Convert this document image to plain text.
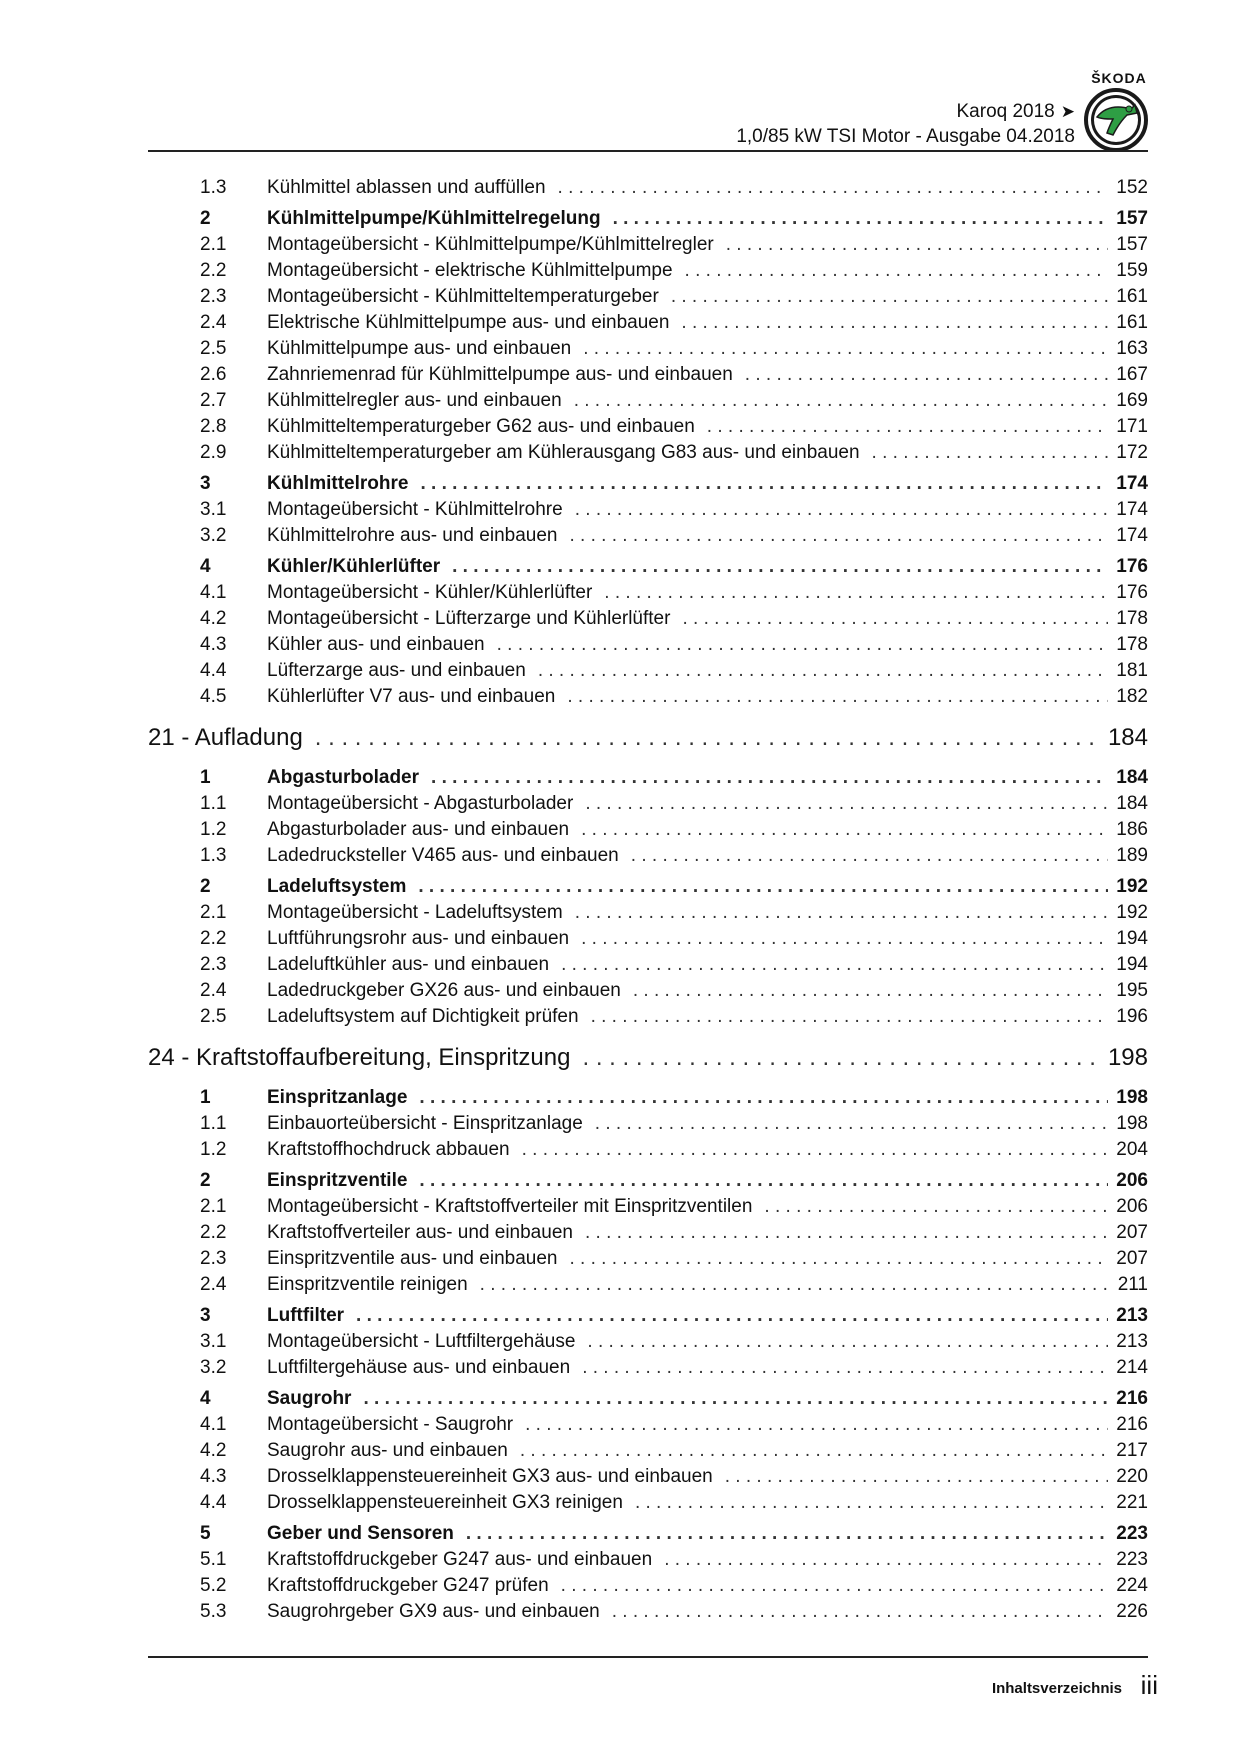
ŠKODA
Karoq 2018 ➤
1,0/85 kW TSI Motor - Ausgabe 04.2018
1.3 Kühlmittel ablassen und auffüllen . . .	152
2	Kühlmittelpumpe/Kühlmittelregelung . . .	157
2.1 Montageübersicht - Kühlmittelpumpe/Kühlmittelregler . . .	157
2.2 Montageübersicht - elektrische Kühlmittelpumpe . . .	159
2.3 Montageübersicht - Kühlmitteltemperaturgeber . . .	161
2.4 Elektrische Kühlmittelpumpe aus- und einbauen . . .	161
2.5 Kühlmittelpumpe aus- und einbauen . . .	163
2.6 Zahnriemenrad für Kühlmittelpumpe aus- und einbauen . . .	167
2.7 Kühlmittelregler aus- und einbauen . . .	169
2.8 Kühlmitteltemperaturgeber G62 aus- und einbauen . . .	171
2.9 Kühlmitteltemperaturgeber am Kühlerausgang G83 aus- und einbauen . . .	172
3	Kühlmittelrohre . . .	174
3.1 Montageübersicht - Kühlmittelrohre . . .	174
3.2 Kühlmittelrohre aus- und einbauen . . .	174
4	Kühler/Kühlerlüfter . . .	176
4.1 Montageübersicht - Kühler/Kühlerlüfter . . .	176
4.2 Montageübersicht - Lüfterzarge und Kühlerlüfter . . .	178
4.3 Kühler aus- und einbauen . . .	178
4.4 Lüfterzarge aus- und einbauen . . .	181
4.5 Kühlerlüfter V7 aus- und einbauen . . .	182
21 - Aufladung . . .	184
1	Abgasturbolader . . .	184
1.1 Montageübersicht - Abgasturbolader . . .	184
1.2 Abgasturbolader aus- und einbauen . . .	186
1.3 Ladedrucksteller V465 aus- und einbauen . . .	189
2	Ladeluftsystem . . .	192
2.1 Montageübersicht - Ladeluftsystem . . .	192
2.2 Luftführungsrohr aus- und einbauen . . .	194
2.3 Ladeluftkühler aus- und einbauen . . .	194
2.4 Ladedruckgeber GX26 aus- und einbauen . . .	195
2.5 Ladeluftsystem auf Dichtigkeit prüfen . . .	196
24 - Kraftstoffaufbereitung, Einspritzung . . .	198
1	Einspritzanlage . . .	198
1.1 Einbauorteübersicht - Einspritzanlage . . .	198
1.2 Kraftstoffhochdruck abbauen . . .	204
2	Einspritzventile . . .	206
2.1 Montageübersicht - Kraftstoffverteiler mit Einspritzventilen . . .	206
2.2 Kraftstoffverteiler aus- und einbauen . . .	207
2.3 Einspritzventile aus- und einbauen . . .	207
2.4 Einspritzventile reinigen . . .	211
3	Luftfilter . . .	213
3.1 Montageübersicht - Luftfiltergehäuse . . .	213
3.2 Luftfiltergehäuse aus- und einbauen . . .	214
4	Saugrohr . . .	216
4.1 Montageübersicht - Saugrohr . . .	216
4.2 Saugrohr aus- und einbauen . . .	217
4.3 Drosselklappensteuereinheit GX3 aus- und einbauen . . .	220
4.4 Drosselklappensteuereinheit GX3 reinigen . . .	221
5	Geber und Sensoren . . .	223
5.1 Kraftstoffdruckgeber G247 aus- und einbauen . . .	223
5.2 Kraftstoffdruckgeber G247 prüfen . . .	224
5.3 Saugrohrgeber GX9 aus- und einbauen . . .	226
Inhaltsverzeichnis iii
